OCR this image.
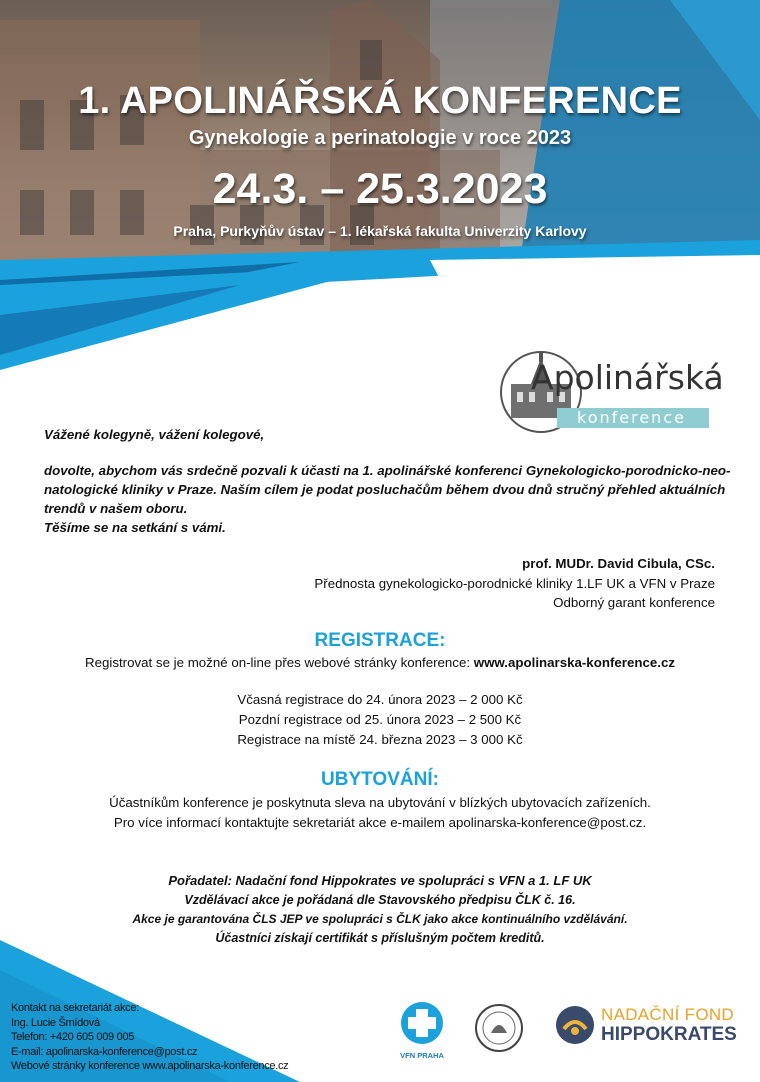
1. APOLINÁŘSKÁ KONFERENCE
Gynekologie a perinatologie v roce 2023
24.3. – 25.3.2023
Praha, Purkyňův ústav – 1. lékařská fakulta Univerzity Karlovy
Apolinářská
konference
Vážené kolegyně, vážení kolegové,
dovolte, abychom vás srdečně pozvali k účasti na 1. apolinářské konferenci Gynekologicko-porodnicko-neo-
natologické kliniky v Praze. Naším cílem je podat posluchačům během dvou dnů stručný přehled aktuálních
trendů v našem oboru.
Těšíme se na setkání s vámi.
prof. MUDr. David Cibula, CSc.
Přednosta gynekologicko-porodnické kliniky 1.LF UK a VFN v Praze
Odborný garant konference
REGISTRACE:
Registrovat se je možné on-line přes webové stránky konference: www.apolinarska-konference.cz
Včasná registrace do 24. února 2023 – 2 000 Kč
Pozdní registrace od 25. února 2023 – 2 500 Kč
Registrace na místě 24. března 2023 – 3 000 Kč
UBYTOVÁNÍ:
Účastníkům konference je poskytnuta sleva na ubytování v blízkých ubytovacích zařízeních.
Pro více informací kontaktujte sekretariát akce e-mailem apolinarska-konference@post.cz.
Pořadatel: Nadační fond Hippokrates ve spolupráci s VFN a 1. LF UK
Vzdělávací akce je pořádaná dle Stavovského předpisu ČLK č. 16.
Akce je garantována ČLS JEP ve spolupráci s ČLK jako akce kontinuálního vzdělávání.
Účastníci získají certifikát s příslušným počtem kreditů.
Kontakt na sekretariát akce:
Ing. Lucie Šmídová
Telefon: +420 605 009 005
E-mail: apolinarska-konference@post.cz
Webové stránky konference www.apolinarska-konference.cz
VFN PRAHA
NADAČNÍ FOND
HIPPOKRATES
